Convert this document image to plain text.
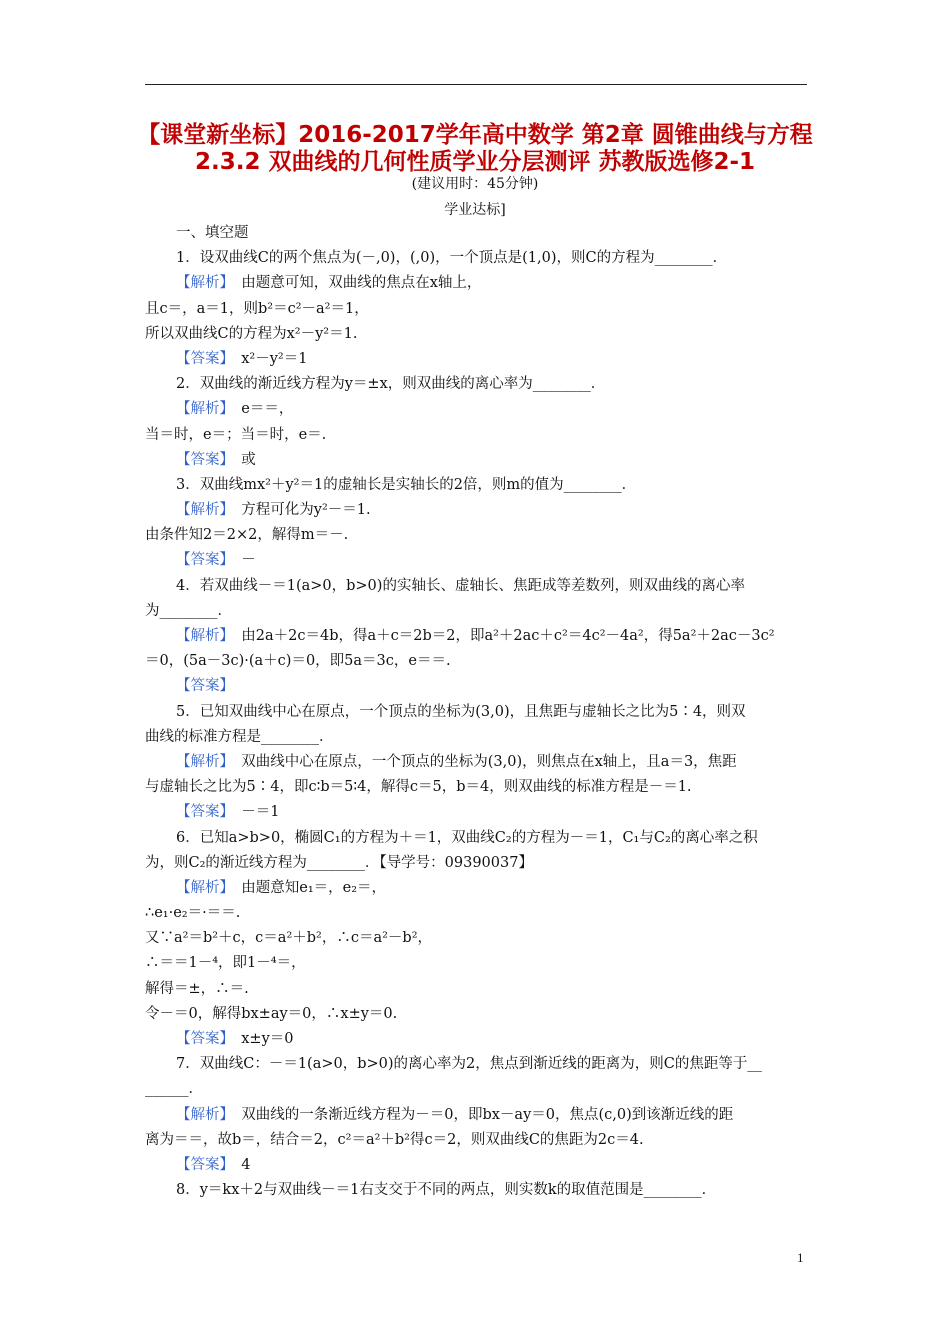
【课堂新坐标】2016-2017学年高中数学 第2章 圆锥曲线与方程
2.3.2 双曲线的几何性质学业分层测评 苏教版选修2-1
(建议用时：45分钟)
学业达标]
一、填空题
1．设双曲线C的两个焦点为(－,0)，(,0)，一个顶点是(1,0)，则C的方程为________．
【解析】　由题意可知，双曲线的焦点在x轴上，
且c＝，a＝1，则b²＝c²－a²＝1，
所以双曲线C的方程为x²－y²＝1.
【答案】　x²－y²＝1
2．双曲线的渐近线方程为y＝±x，则双曲线的离心率为________．
【解析】　e＝＝，
当＝时，e＝；当＝时，e＝.
【答案】　或
3．双曲线mx²＋y²＝1的虚轴长是实轴长的2倍，则m的值为________．
【解析】　方程可化为y²－＝1.
由条件知2＝2×2，解得m＝－.
【答案】　－
4．若双曲线－＝1(a>0，b>0)的实轴长、虚轴长、焦距成等差数列，则双曲线的离心率
为________．
【解析】　由2a＋2c＝4b，得a＋c＝2b＝2，即a²＋2ac＋c²＝4c²－4a²，得5a²＋2ac－3c²
＝0，(5a－3c)·(a＋c)＝0，即5a＝3c，e＝＝.
【答案】
5．已知双曲线中心在原点，一个顶点的坐标为(3,0)，且焦距与虚轴长之比为5∶4，则双
曲线的标准方程是________．
【解析】　双曲线中心在原点，一个顶点的坐标为(3,0)，则焦点在x轴上，且a＝3，焦距
与虚轴长之比为5∶4，即c∶b＝5∶4，解得c＝5，b＝4，则双曲线的标准方程是－＝1.
【答案】　－＝1
6．已知a>b>0，椭圆C₁的方程为＋＝1，双曲线C₂的方程为－＝1，C₁与C₂的离心率之积
为，则C₂的渐近线方程为________．【导学号：09390037】
【解析】　由题意知e₁＝，e₂＝，
∴e₁·e₂＝·＝＝.
又∵a²＝b²＋c，c＝a²＋b²，∴c＝a²－b²，
∴＝＝1－⁴，即1－⁴＝，
解得＝±，∴＝.
令－＝0，解得bx±ay＝0，∴x±y＝0.
【答案】　x±y＝0
7．双曲线C：－＝1(a>0，b>0)的离心率为2，焦点到渐近线的距离为，则C的焦距等于__
______．
【解析】　双曲线的一条渐近线方程为－＝0，即bx－ay＝0，焦点(c,0)到该渐近线的距
离为＝＝，故b＝，结合＝2，c²＝a²＋b²得c＝2，则双曲线C的焦距为2c＝4.
【答案】　4
8．y＝kx＋2与双曲线－＝1右支交于不同的两点，则实数k的取值范围是________．
1
